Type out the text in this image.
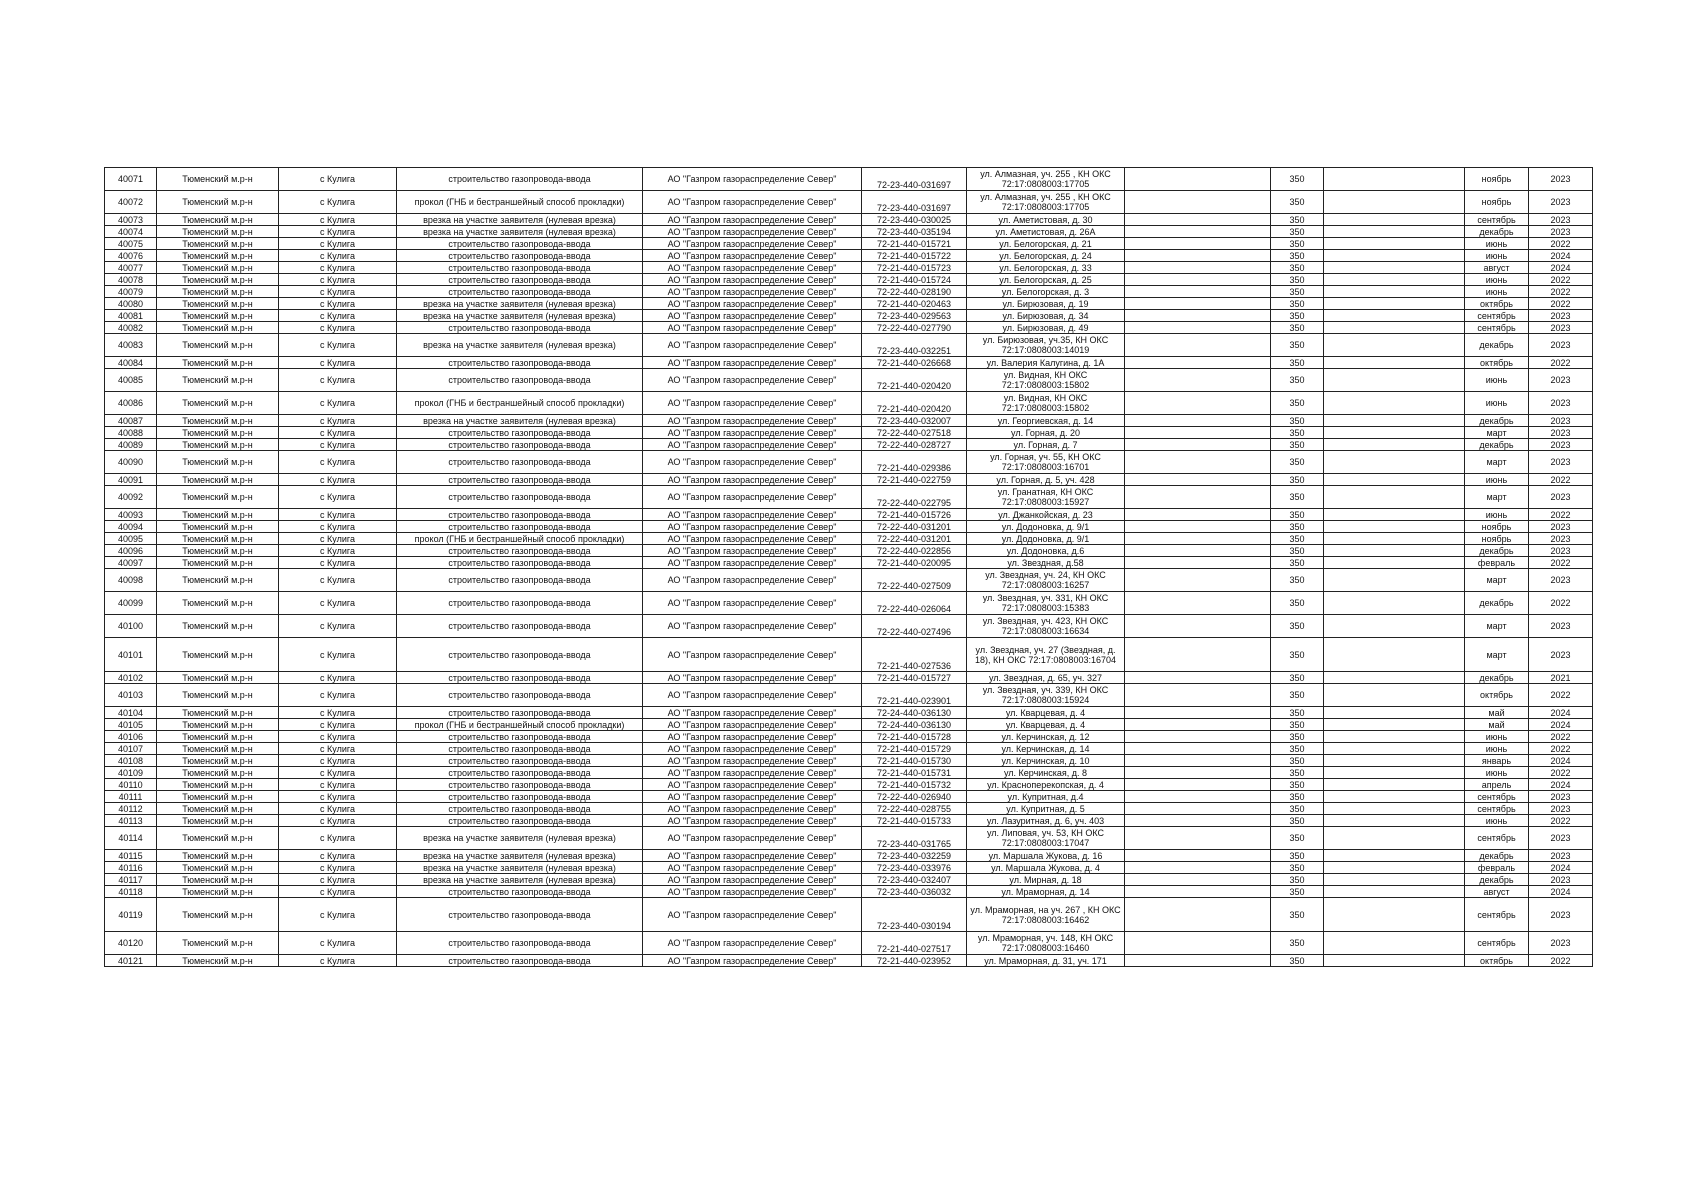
40071	Тюменский м.р-н	с Кулига	строительство газопровода-ввода	АО "Газпром газораспределение Север"	72-23-440-031697	ул. Алмазная, уч. 255 , КН ОКС 72:17:0808003:17705		350		ноябрь	2023
40072	Тюменский м.р-н	с Кулига	прокол (ГНБ и бестраншейный способ прокладки)	АО "Газпром газораспределение Север"	72-23-440-031697	ул. Алмазная, уч. 255 , КН ОКС 72:17:0808003:17705		350		ноябрь	2023
40073	Тюменский м.р-н	с Кулига	врезка на участке заявителя (нулевая врезка)	АО "Газпром газораспределение Север"	72-23-440-030025	ул. Аметистовая, д. 30		350		сентябрь	2023
40074	Тюменский м.р-н	с Кулига	врезка на участке заявителя (нулевая врезка)	АО "Газпром газораспределение Север"	72-23-440-035194	ул. Аметистовая, д. 26А		350		декабрь	2023
40075	Тюменский м.р-н	с Кулига	строительство газопровода-ввода	АО "Газпром газораспределение Север"	72-21-440-015721	ул. Белогорская, д. 21		350		июнь	2022
40076	Тюменский м.р-н	с Кулига	строительство газопровода-ввода	АО "Газпром газораспределение Север"	72-21-440-015722	ул. Белогорская, д. 24		350		июнь	2024
40077	Тюменский м.р-н	с Кулига	строительство газопровода-ввода	АО "Газпром газораспределение Север"	72-21-440-015723	ул. Белогорская, д. 33		350		август	2024
40078	Тюменский м.р-н	с Кулига	строительство газопровода-ввода	АО "Газпром газораспределение Север"	72-21-440-015724	ул. Белогорская, д. 25		350		июнь	2022
40079	Тюменский м.р-н	с Кулига	строительство газопровода-ввода	АО "Газпром газораспределение Север"	72-22-440-028190	ул. Белогорская, д. 3		350		июнь	2022
40080	Тюменский м.р-н	с Кулига	врезка на участке заявителя (нулевая врезка)	АО "Газпром газораспределение Север"	72-21-440-020463	ул. Бирюзовая, д. 19		350		октябрь	2022
40081	Тюменский м.р-н	с Кулига	врезка на участке заявителя (нулевая врезка)	АО "Газпром газораспределение Север"	72-23-440-029563	ул. Бирюзовая, д. 34		350		сентябрь	2023
40082	Тюменский м.р-н	с Кулига	строительство газопровода-ввода	АО "Газпром газораспределение Север"	72-22-440-027790	ул. Бирюзовая, д. 49		350		сентябрь	2023
40083	Тюменский м.р-н	с Кулига	врезка на участке заявителя (нулевая врезка)	АО "Газпром газораспределение Север"	72-23-440-032251	ул. Бирюзовая, уч.35, КН ОКС 72:17:0808003:14019		350		декабрь	2023
40084	Тюменский м.р-н	с Кулига	строительство газопровода-ввода	АО "Газпром газораспределение Север"	72-21-440-026668	ул. Валерия Калугина, д. 1А		350		октябрь	2022
40085	Тюменский м.р-н	с Кулига	строительство газопровода-ввода	АО "Газпром газораспределение Север"	72-21-440-020420	ул. Видная, КН ОКС 72:17:0808003:15802		350		июнь	2023
40086	Тюменский м.р-н	с Кулига	прокол (ГНБ и бестраншейный способ прокладки)	АО "Газпром газораспределение Север"	72-21-440-020420	ул. Видная, КН ОКС 72:17:0808003:15802		350		июнь	2023
40087	Тюменский м.р-н	с Кулига	врезка на участке заявителя (нулевая врезка)	АО "Газпром газораспределение Север"	72-23-440-032007	ул. Георгиевская, д. 14		350		декабрь	2023
40088	Тюменский м.р-н	с Кулига	строительство газопровода-ввода	АО "Газпром газораспределение Север"	72-22-440-027518	ул. Горная, д. 20		350		март	2023
40089	Тюменский м.р-н	с Кулига	строительство газопровода-ввода	АО "Газпром газораспределение Север"	72-22-440-028727	ул. Горная, д. 7		350		декабрь	2023
40090	Тюменский м.р-н	с Кулига	строительство газопровода-ввода	АО "Газпром газораспределение Север"	72-21-440-029386	ул. Горная, уч. 55, КН ОКС 72:17:0808003:16701		350		март	2023
40091	Тюменский м.р-н	с Кулига	строительство газопровода-ввода	АО "Газпром газораспределение Север"	72-21-440-022759	ул. Горная, д. 5, уч. 428		350		июнь	2022
40092	Тюменский м.р-н	с Кулига	строительство газопровода-ввода	АО "Газпром газораспределение Север"	72-22-440-022795	ул. Гранатная, КН ОКС 72:17:0808003:15927		350		март	2023
40093	Тюменский м.р-н	с Кулига	строительство газопровода-ввода	АО "Газпром газораспределение Север"	72-21-440-015726	ул. Джанкойская, д. 23		350		июнь	2022
40094	Тюменский м.р-н	с Кулига	строительство газопровода-ввода	АО "Газпром газораспределение Север"	72-22-440-031201	ул. Додоновка, д. 9/1		350		ноябрь	2023
40095	Тюменский м.р-н	с Кулига	прокол (ГНБ и бестраншейный способ прокладки)	АО "Газпром газораспределение Север"	72-22-440-031201	ул. Додоновка, д. 9/1		350		ноябрь	2023
40096	Тюменский м.р-н	с Кулига	строительство газопровода-ввода	АО "Газпром газораспределение Север"	72-22-440-022856	ул. Додоновка, д.6		350		декабрь	2023
40097	Тюменский м.р-н	с Кулига	строительство газопровода-ввода	АО "Газпром газораспределение Север"	72-21-440-020095	ул. Звездная, д.58		350		февраль	2022
40098	Тюменский м.р-н	с Кулига	строительство газопровода-ввода	АО "Газпром газораспределение Север"	72-22-440-027509	ул. Звездная, уч. 24, КН ОКС 72:17:0808003:16257		350		март	2023
40099	Тюменский м.р-н	с Кулига	строительство газопровода-ввода	АО "Газпром газораспределение Север"	72-22-440-026064	ул. Звездная, уч. 331, КН ОКС 72:17:0808003:15383		350		декабрь	2022
40100	Тюменский м.р-н	с Кулига	строительство газопровода-ввода	АО "Газпром газораспределение Север"	72-22-440-027496	ул. Звездная, уч. 423, КН ОКС 72:17:0808003:16634		350		март	2023
40101	Тюменский м.р-н	с Кулига	строительство газопровода-ввода	АО "Газпром газораспределение Север"	72-21-440-027536	ул. Звездная, уч. 27 (Звездная, д. 18), КН ОКС 72:17:0808003:16704		350		март	2023
40102	Тюменский м.р-н	с Кулига	строительство газопровода-ввода	АО "Газпром газораспределение Север"	72-21-440-015727	ул. Звездная, д. 65, уч. 327		350		декабрь	2021
40103	Тюменский м.р-н	с Кулига	строительство газопровода-ввода	АО "Газпром газораспределение Север"	72-21-440-023901	ул. Звездная, уч. 339, КН ОКС 72:17:0808003:15924		350		октябрь	2022
40104	Тюменский м.р-н	с Кулига	строительство газопровода-ввода	АО "Газпром газораспределение Север"	72-24-440-036130	ул. Кварцевая, д. 4		350		май	2024
40105	Тюменский м.р-н	с Кулига	прокол (ГНБ и бестраншейный способ прокладки)	АО "Газпром газораспределение Север"	72-24-440-036130	ул. Кварцевая, д. 4		350		май	2024
40106	Тюменский м.р-н	с Кулига	строительство газопровода-ввода	АО "Газпром газораспределение Север"	72-21-440-015728	ул. Керчинская, д. 12		350		июнь	2022
40107	Тюменский м.р-н	с Кулига	строительство газопровода-ввода	АО "Газпром газораспределение Север"	72-21-440-015729	ул. Керчинская, д. 14		350		июнь	2022
40108	Тюменский м.р-н	с Кулига	строительство газопровода-ввода	АО "Газпром газораспределение Север"	72-21-440-015730	ул. Керчинская, д. 10		350		январь	2024
40109	Тюменский м.р-н	с Кулига	строительство газопровода-ввода	АО "Газпром газораспределение Север"	72-21-440-015731	ул. Керчинская, д. 8		350		июнь	2022
40110	Тюменский м.р-н	с Кулига	строительство газопровода-ввода	АО "Газпром газораспределение Север"	72-21-440-015732	ул. Красноперекопская, д. 4		350		апрель	2024
40111	Тюменский м.р-н	с Кулига	строительство газопровода-ввода	АО "Газпром газораспределение Север"	72-22-440-026940	ул. Купритная, д.4		350		сентябрь	2023
40112	Тюменский м.р-н	с Кулига	строительство газопровода-ввода	АО "Газпром газораспределение Север"	72-22-440-028755	ул. Купритная, д. 5		350		сентябрь	2023
40113	Тюменский м.р-н	с Кулига	строительство газопровода-ввода	АО "Газпром газораспределение Север"	72-21-440-015733	ул. Лазуритная, д. 6, уч. 403		350		июнь	2022
40114	Тюменский м.р-н	с Кулига	врезка на участке заявителя (нулевая врезка)	АО "Газпром газораспределение Север"	72-23-440-031765	ул. Липовая, уч. 53, КН ОКС 72:17:0808003:17047		350		сентябрь	2023
40115	Тюменский м.р-н	с Кулига	врезка на участке заявителя (нулевая врезка)	АО "Газпром газораспределение Север"	72-23-440-032259	ул. Маршала Жукова, д. 16		350		декабрь	2023
40116	Тюменский м.р-н	с Кулига	врезка на участке заявителя (нулевая врезка)	АО "Газпром газораспределение Север"	72-23-440-033976	ул. Маршала Жукова, д. 4		350		февраль	2024
40117	Тюменский м.р-н	с Кулига	врезка на участке заявителя (нулевая врезка)	АО "Газпром газораспределение Север"	72-23-440-032407	ул. Мирная, д. 18		350		декабрь	2023
40118	Тюменский м.р-н	с Кулига	строительство газопровода-ввода	АО "Газпром газораспределение Север"	72-23-440-036032	ул. Мраморная, д. 14		350		август	2024
40119	Тюменский м.р-н	с Кулига	строительство газопровода-ввода	АО "Газпром газораспределение Север"	72-23-440-030194	ул. Мраморная, на уч. 267 , КН ОКС 72:17:0808003:16462		350		сентябрь	2023
40120	Тюменский м.р-н	с Кулига	строительство газопровода-ввода	АО "Газпром газораспределение Север"	72-21-440-027517	ул. Мраморная, уч. 148, КН ОКС 72:17:0808003:16460		350		сентябрь	2023
40121	Тюменский м.р-н	с Кулига	строительство газопровода-ввода	АО "Газпром газораспределение Север"	72-21-440-023952	ул. Мраморная, д. 31, уч. 171		350		октябрь	2022
